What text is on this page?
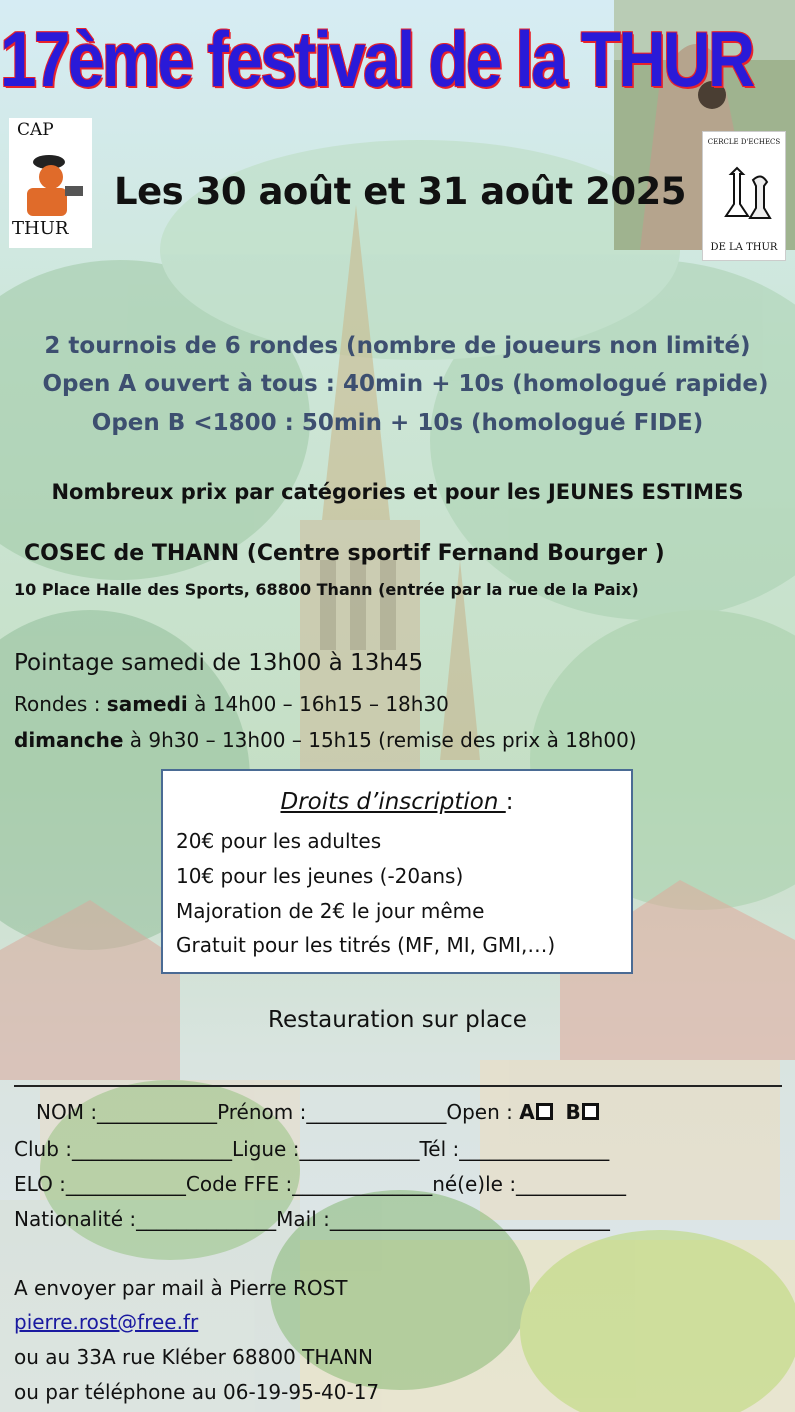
17ème festival de la THUR
CAP
THUR
CERCLE D'ECHECS
DE LA THUR
Les 30 août et 31 août 2025
2 tournois de 6 rondes (nombre de joueurs non limité)
Open A ouvert à tous : 40min + 10s (homologué rapide)
Open B <1800 : 50min + 10s (homologué FIDE)
Nombreux prix par catégories et pour les JEUNES ESTIMES
COSEC de THANN (Centre sportif Fernand Bourger )
10 Place Halle des Sports, 68800 Thann (entrée par la rue de la Paix)
Pointage samedi de 13h00 à 13h45
Rondes : samedi à 14h00 – 16h15 – 18h30
dimanche à 9h30 – 13h00 – 15h15 (remise des prix à 18h00)
Droits d’inscription :
20€ pour les adultes
10€ pour les jeunes (-20ans)
Majoration de 2€ le jour même
Gratuit pour les titrés (MF, MI, GMI,…)
Restauration sur place
NOM :____________Prénom :______________Open : A B
Club :________________Ligue :____________Tél :_______________
ELO :____________Code FFE :______________né(e)le :___________
Nationalité :______________Mail :____________________________
A envoyer par mail à Pierre ROST
pierre.rost@free.fr
ou au 33A rue Kléber 68800 THANN
ou par téléphone au 06-19-95-40-17
